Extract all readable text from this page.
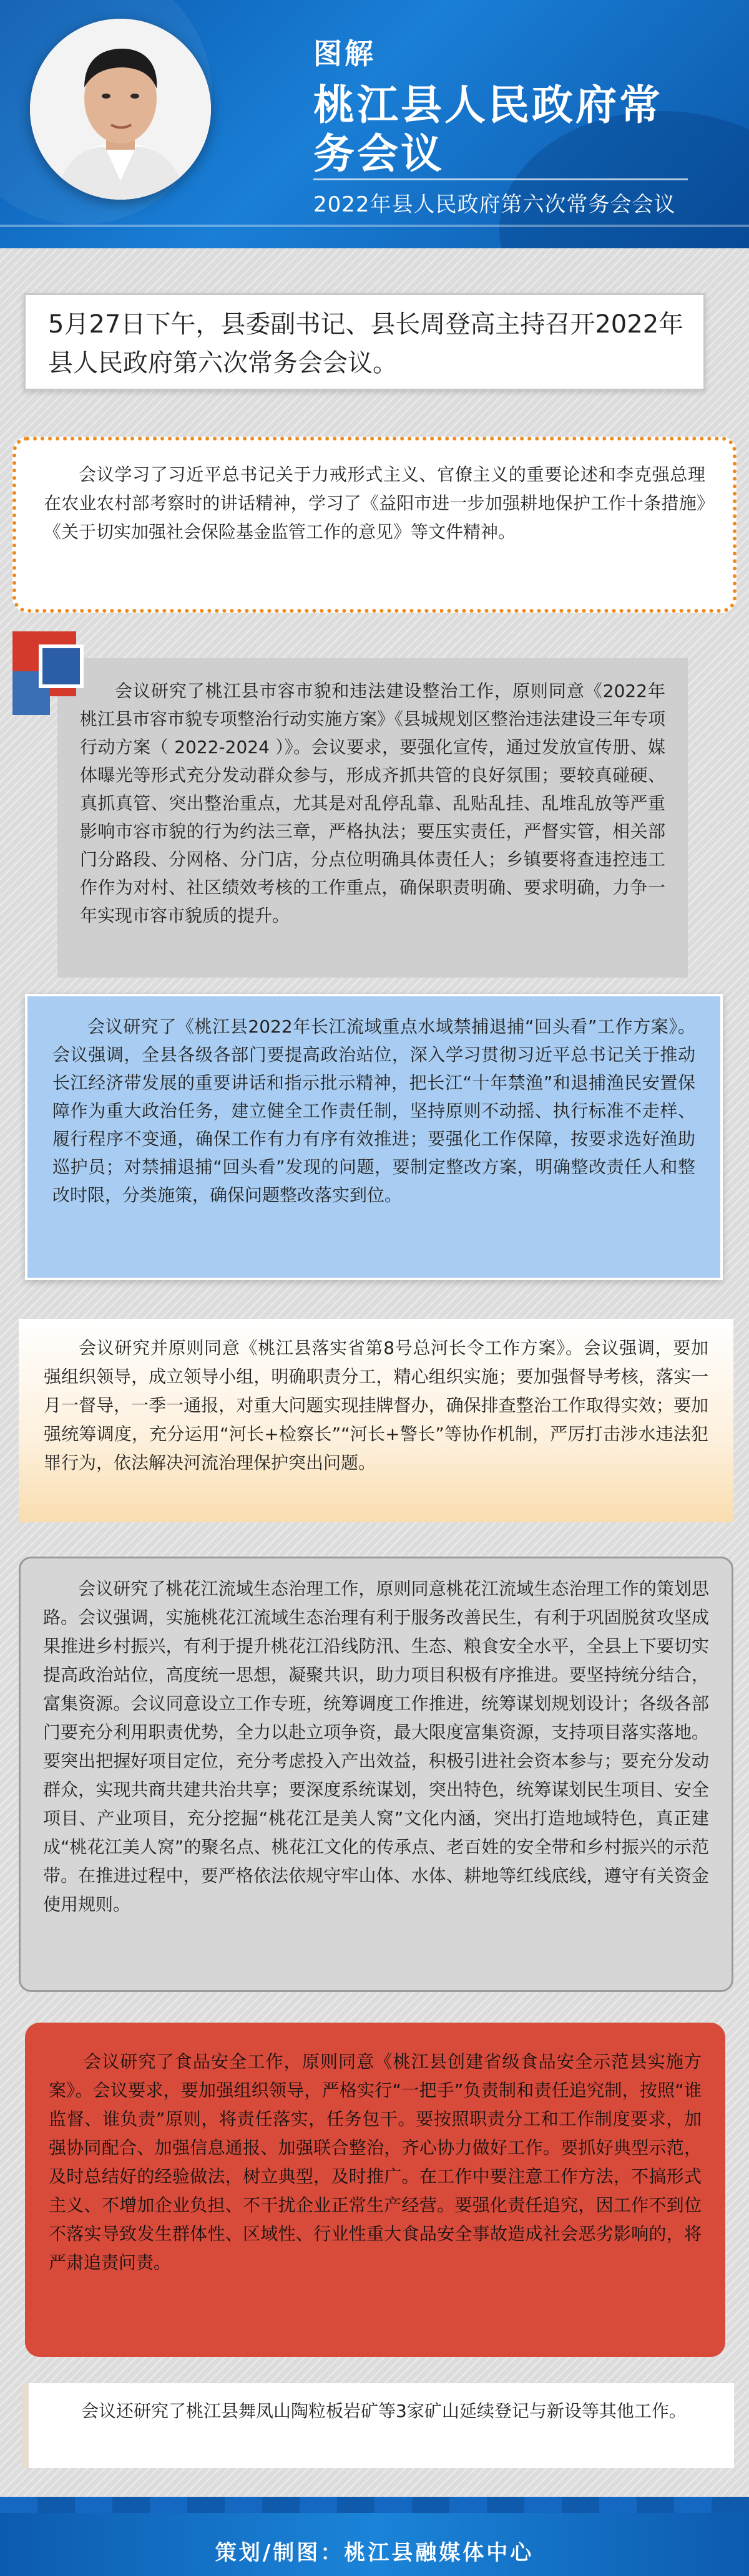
图解
桃江县人民政府常务会议
2022年县人民政府第六次常务会会议
5月27日下午，县委副书记、县长周登高主持召开2022年县人民政府第六次常务会会议。

会议学习了习近平总书记关于力戒形式主义、官僚主义的重要论述和李克强总理在农业农村部考察时的讲话精神，学习了《益阳市进一步加强耕地保护工作十条措施》《关于切实加强社会保险基金监管工作的意见》等文件精神。

会议研究了桃江县市容市貌和违法建设整治工作，原则同意《2022年桃江县市容市貌专项整治行动实施方案》《县城规划区整治违法建设三年专项行动方案（ 2022-2024 ）》。会议要求，要强化宣传，通过发放宣传册、媒体曝光等形式充分发动群众参与，形成齐抓共管的良好氛围；要较真碰硬、真抓真管、突出整治重点，尤其是对乱停乱靠、乱贴乱挂、乱堆乱放等严重影响市容市貌的行为约法三章，严格执法；要压实责任，严督实管，相关部门分路段、分网格、分门店，分点位明确具体责任人；乡镇要将查违控违工作作为对村、社区绩效考核的工作重点，确保职责明确、要求明确，力争一年实现市容市貌质的提升。

会议研究了《桃江县2022年长江流域重点水域禁捕退捕“回头看”工作方案》。会议强调，全县各级各部门要提高政治站位，深入学习贯彻习近平总书记关于推动长江经济带发展的重要讲话和指示批示精神，把长江“十年禁渔”和退捕渔民安置保障作为重大政治任务，建立健全工作责任制，坚持原则不动摇、执行标准不走样、履行程序不变通，确保工作有力有序有效推进；要强化工作保障，按要求选好渔助巡护员；对禁捕退捕“回头看”发现的问题，要制定整改方案，明确整改责任人和整改时限，分类施策，确保问题整改落实到位。

会议研究并原则同意《桃江县落实省第8号总河长令工作方案》。会议强调，要加强组织领导，成立领导小组，明确职责分工，精心组织实施；要加强督导考核，落实一月一督导，一季一通报，对重大问题实现挂牌督办，确保排查整治工作取得实效；要加强统筹调度，充分运用“河长+检察长”“河长+警长”等协作机制，严厉打击涉水违法犯罪行为，依法解决河流治理保护突出问题。

会议研究了桃花江流域生态治理工作，原则同意桃花江流域生态治理工作的策划思路。会议强调，实施桃花江流域生态治理有利于服务改善民生，有利于巩固脱贫攻坚成果推进乡村振兴，有利于提升桃花江沿线防汛、生态、粮食安全水平，全县上下要切实提高政治站位，高度统一思想，凝聚共识，助力项目积极有序推进。要坚持统分结合，富集资源。会议同意设立工作专班，统筹调度工作推进，统筹谋划规划设计；各级各部门要充分利用职责优势，全力以赴立项争资，最大限度富集资源，支持项目落实落地。要突出把握好项目定位，充分考虑投入产出效益，积极引进社会资本参与；要充分发动群众，实现共商共建共治共享；要深度系统谋划，突出特色，统筹谋划民生项目、安全项目、产业项目，充分挖掘“桃花江是美人窝”文化内涵，突出打造地域特色，真正建成“桃花江美人窝”的聚名点、桃花江文化的传承点、老百姓的安全带和乡村振兴的示范带。在推进过程中，要严格依法依规守牢山体、水体、耕地等红线底线，遵守有关资金使用规则。

会议研究了食品安全工作，原则同意《桃江县创建省级食品安全示范县实施方案》。会议要求，要加强组织领导，严格实行“一把手”负责制和责任追究制，按照“谁监督、谁负责”原则，将责任落实，任务包干。要按照职责分工和工作制度要求，加强协同配合、加强信息通报、加强联合整治，齐心协力做好工作。要抓好典型示范，及时总结好的经验做法，树立典型，及时推广。在工作中要注意工作方法，不搞形式主义、不增加企业负担、不干扰企业正常生产经营。要强化责任追究，因工作不到位不落实导致发生群体性、区域性、行业性重大食品安全事故造成社会恶劣影响的，将严肃追责问责。

会议还研究了桃江县舞凤山陶粒板岩矿等3家矿山延续登记与新设等其他工作。

策划/制图：桃江县融媒体中心
